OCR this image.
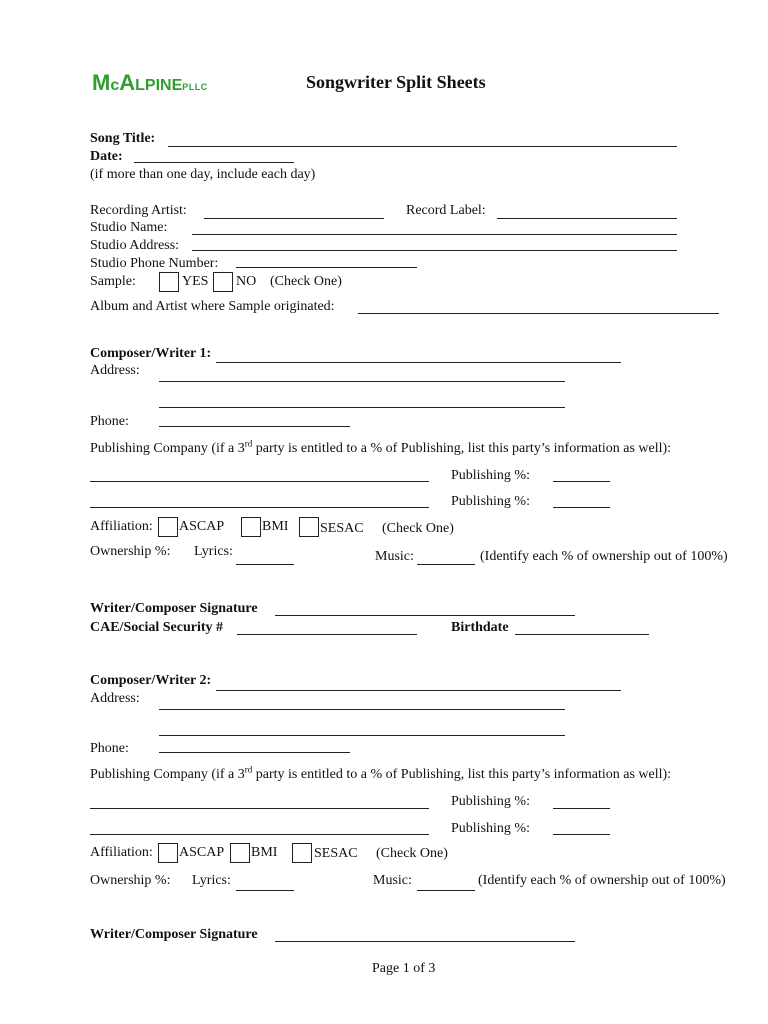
McALPINEPLLC	Songwriter Split Sheets
Song Title:
Date:
(if more than one day, include each day)
Recording Artist:	Record Label:
Studio Name:
Studio Address:
Studio Phone Number:
Sample:	YES NO (Check One)
Album and Artist where Sample originated:
Composer/Writer 1:
Address:
Phone:
Publishing Company (if a 3rd party is entitled to a % of Publishing, list this party’s information as well):
Publishing %:
Publishing %:
Affiliation: ASCAP	BMI SESAC (Check One)
Ownership %: Lyrics:	Music:	(Identify each % of ownership out of 100%)
Writer/Composer Signature
CAE/Social Security #	Birthdate
Composer/Writer 2:
Address:
Phone:
Publishing Company (if a 3rd party is entitled to a % of Publishing, list this party’s information as well):
Publishing %:
Publishing %:
Affiliation: ASCAP BMI	SESAC (Check One)
Ownership %: Lyrics:	Music:	(Identify each % of ownership out of 100%)
Writer/Composer Signature
Page 1 of 3
